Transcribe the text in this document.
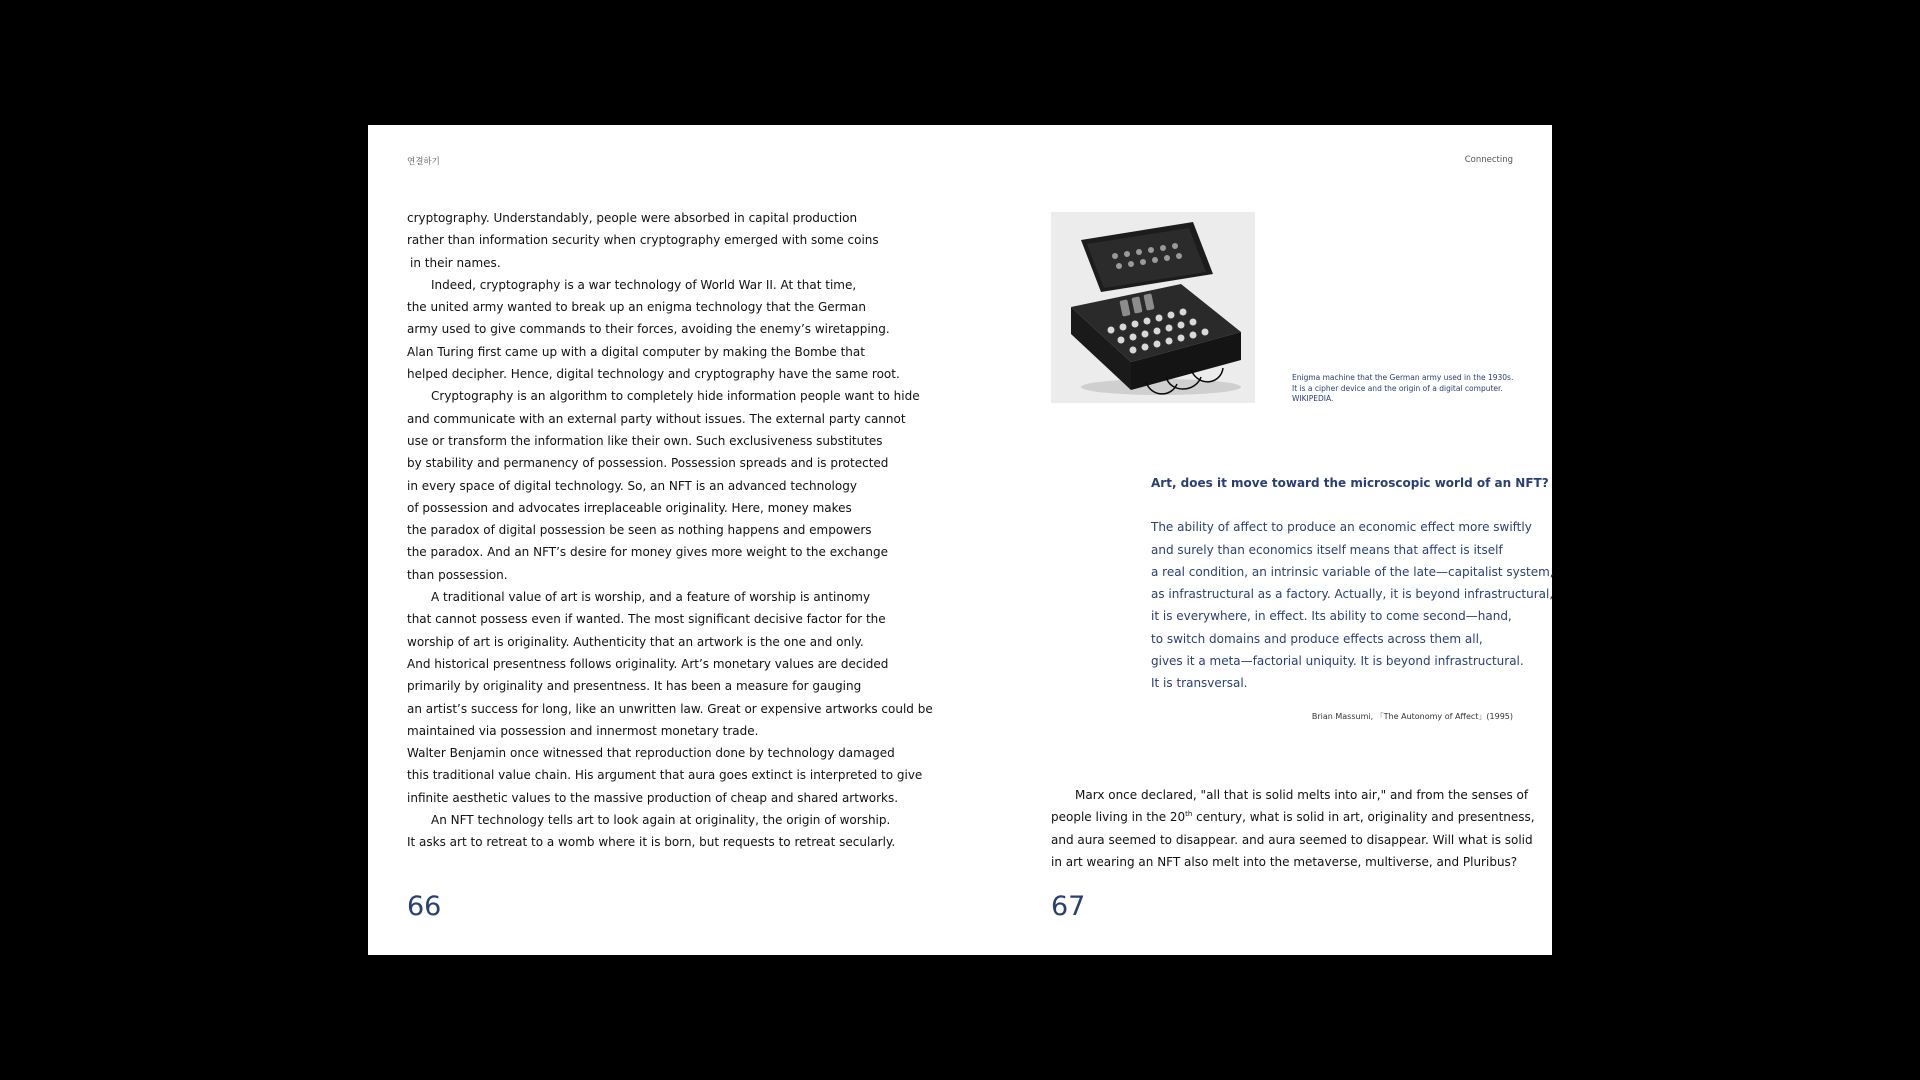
연결하기	Connecting
cryptography. Understandably, people were absorbed in capital production
rather than information security when cryptography emerged with some coins
in their names.
Indeed, cryptography is a war technology of World War II. At that time,
the united army wanted to break up an enigma technology that the German
army used to give commands to their forces, avoiding the enemy’s wiretapping.
Alan Turing first came up with a digital computer by making the Bombe that
helped decipher. Hence, digital technology and cryptography have the same root.
Cryptography is an algorithm to completely hide information people want to hide
and communicate with an external party without issues. The external party cannot
use or transform the information like their own. Such exclusiveness substitutes
by stability and permanency of possession. Possession spreads and is protected
in every space of digital technology. So, an NFT is an advanced technology
of possession and advocates irreplaceable originality. Here, money makes
the paradox of digital possession be seen as nothing happens and empowers
the paradox. And an NFT’s desire for money gives more weight to the exchange
than possession.
A traditional value of art is worship, and a feature of worship is antinomy
that cannot possess even if wanted. The most significant decisive factor for the
worship of art is originality. Authenticity that an artwork is the one and only.
And historical presentness follows originality. Art’s monetary values are decided
primarily by originality and presentness. It has been a measure for gauging
an artist’s success for long, like an unwritten law. Great or expensive artworks could be
maintained via possession and innermost monetary trade.
Walter Benjamin once witnessed that reproduction done by technology damaged
this traditional value chain. His argument that aura goes extinct is interpreted to give
infinite aesthetic values to the massive production of cheap and shared artworks.
An NFT technology tells art to look again at originality, the origin of worship.
It asks art to retreat to a womb where it is born, but requests to retreat secularly.
66
Enigma machine that the German army used in the 1930s.
It is a cipher device and the origin of a digital computer.
WIKIPEDIA.
Art, does it move toward the microscopic world of an NFT?
The ability of affect to produce an economic effect more swiftly
and surely than economics itself means that affect is itself
a real condition, an intrinsic variable of the late—capitalist system,
as infrastructural as a factory. Actually, it is beyond infrastructural,
it is everywhere, in effect. Its ability to come second—hand,
to switch domains and produce effects across them all,
gives it a meta—factorial uniquity. It is beyond infrastructural.
It is transversal.
Brian Massumi, 「The Autonomy of Affect」(1995)
Marx once declared, "all that is solid melts into air," and from the senses of
people living in the 20th century, what is solid in art, originality and presentness,
and aura seemed to disappear. and aura seemed to disappear. Will what is solid
in art wearing an NFT also melt into the metaverse, multiverse, and Pluribus?
67
